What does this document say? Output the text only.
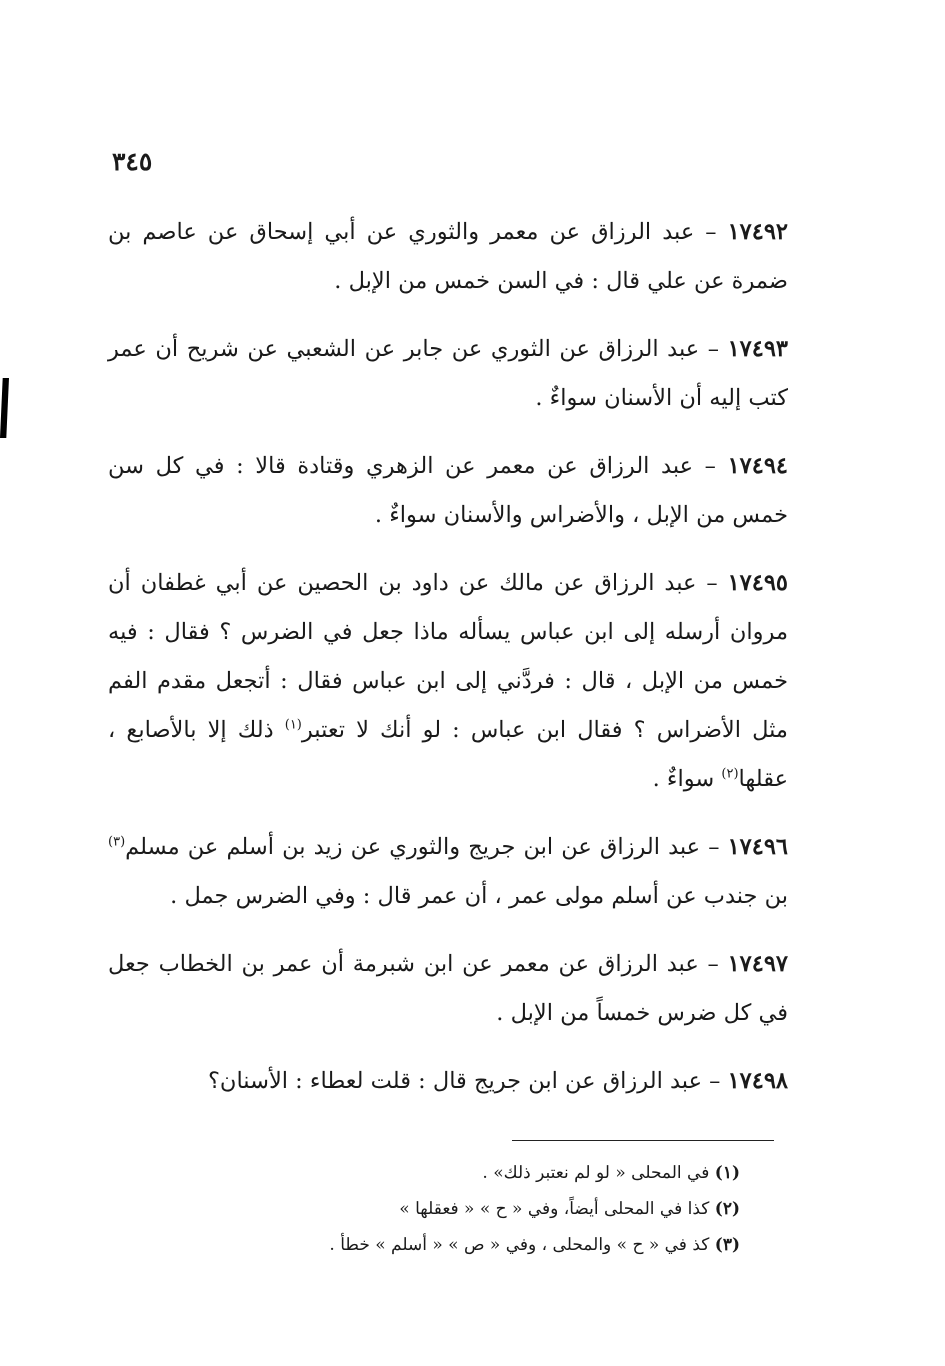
٣٤٥

١٧٤٩٢ – عبد الرزاق عن معمر والثوري عن أبي إسحاق عن عاصم بن ضمرة عن علي قال : في السن خمس من الإبل .

١٧٤٩٣ – عبد الرزاق عن الثوري عن جابر عن الشعبي عن شريح أن عمر كتب إليه أن الأسنان سواءٌ .

١٧٤٩٤ – عبد الرزاق عن معمر عن الزهري وقتادة قالا : في كل سن خمس من الإبل ، والأضراس والأسنان سواءٌ .

١٧٤٩٥ – عبد الرزاق عن مالك عن داود بن الحصين عن أبي غطفان أن مروان أرسله إلى ابن عباس يسأله ماذا جعل في الضرس ؟ فقال : فيه خمس من الإبل ، قال : فردَّني إلى ابن عباس فقال : أتجعل مقدم الفم مثل الأضراس ؟ فقال ابن عباس : لو أنك لا تعتبر$^{(١)}$ ذلك إلا بالأصابع ، عقلها$^{(٢)}$ سواءٌ .

١٧٤٩٦ – عبد الرزاق عن ابن جريج والثوري عن زيد بن أسلم عن مسلم$^{(٣)}$ بن جندب عن أسلم مولى عمر ، أن عمر قال : وفي الضرس جمل .

١٧٤٩٧ – عبد الرزاق عن معمر عن ابن شبرمة أن عمر بن الخطاب جعل في كل ضرس خمساً من الإبل .

١٧٤٩٨ – عبد الرزاق عن ابن جريج قال : قلت لعطاء : الأسنان؟

(١) في المحلى « لو لم نعتبر ذلك» .
(٢) كذا في المحلى أيضاً، وفي « ح » « فعقلها »
(٣) كذ في « ح » والمحلى ، وفي « ص » « أسلم » خطأ .
